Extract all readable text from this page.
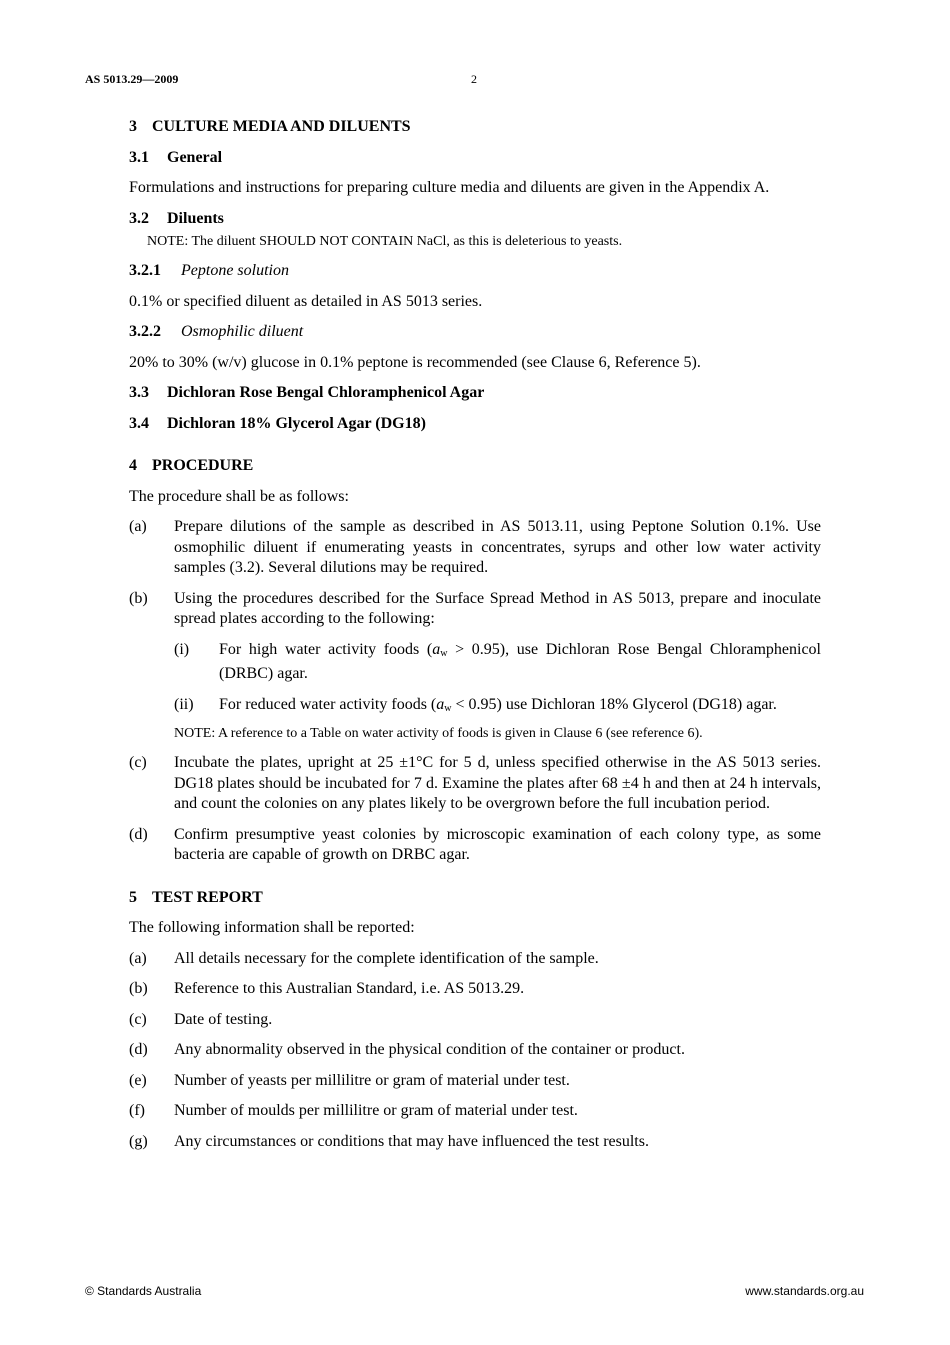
AS 5013.29—2009	2
3 CULTURE MEDIA AND DILUENTS
3.1 General

Formulations and instructions for preparing culture media and diluents are given in the Appendix A.

3.2 Diluents
NOTE: The diluent SHOULD NOT CONTAIN NaCl, as this is deleterious to yeasts.
3.2.1 Peptone solution

0.1% or specified diluent as detailed in AS 5013 series.

3.2.2 Osmophilic diluent

20% to 30% (w/v) glucose in 0.1% peptone is recommended (see Clause 6, Reference 5).

3.3 Dichloran Rose Bengal Chloramphenicol Agar
3.4 Dichloran 18% Glycerol Agar (DG18)
4 PROCEDURE

The procedure shall be as follows:

(a)	Prepare dilutions of the sample as described in AS 5013.11, using Peptone Solution 0.1%. Use osmophilic diluent if enumerating yeasts in concentrates, syrups and other low water activity samples (3.2). Several dilutions may be required.
(b)	Using the procedures described for the Surface Spread Method in AS 5013, prepare and inoculate spread plates according to the following:
(i)	For high water activity foods $(a_w > 0.95)$, use Dichloran Rose Bengal Chloramphenicol (DRBC) agar.
(ii)	For reduced water activity foods $(a_w < 0.95)$ use Dichloran 18% Glycerol (DG18) agar.
NOTE: A reference to a Table on water activity of foods is given in Clause 6 (see reference 6).
(c)	Incubate the plates, upright at 25 ±1°C for 5 d, unless specified otherwise in the AS 5013 series. DG18 plates should be incubated for 7 d. Examine the plates after 68 ±4 h and then at 24 h intervals, and count the colonies on any plates likely to be overgrown before the full incubation period.
(d)	Confirm presumptive yeast colonies by microscopic examination of each colony type, as some bacteria are capable of growth on DRBC agar.
5 TEST REPORT

The following information shall be reported:

(a)	All details necessary for the complete identification of the sample.
(b)	Reference to this Australian Standard, i.e. AS 5013.29.
(c)	Date of testing.
(d)	Any abnormality observed in the physical condition of the container or product.
(e)	Number of yeasts per millilitre or gram of material under test.
(f)	Number of moulds per millilitre or gram of material under test.
(g)	Any circumstances or conditions that may have influenced the test results.
© Standards Australia	www.standards.org.au
